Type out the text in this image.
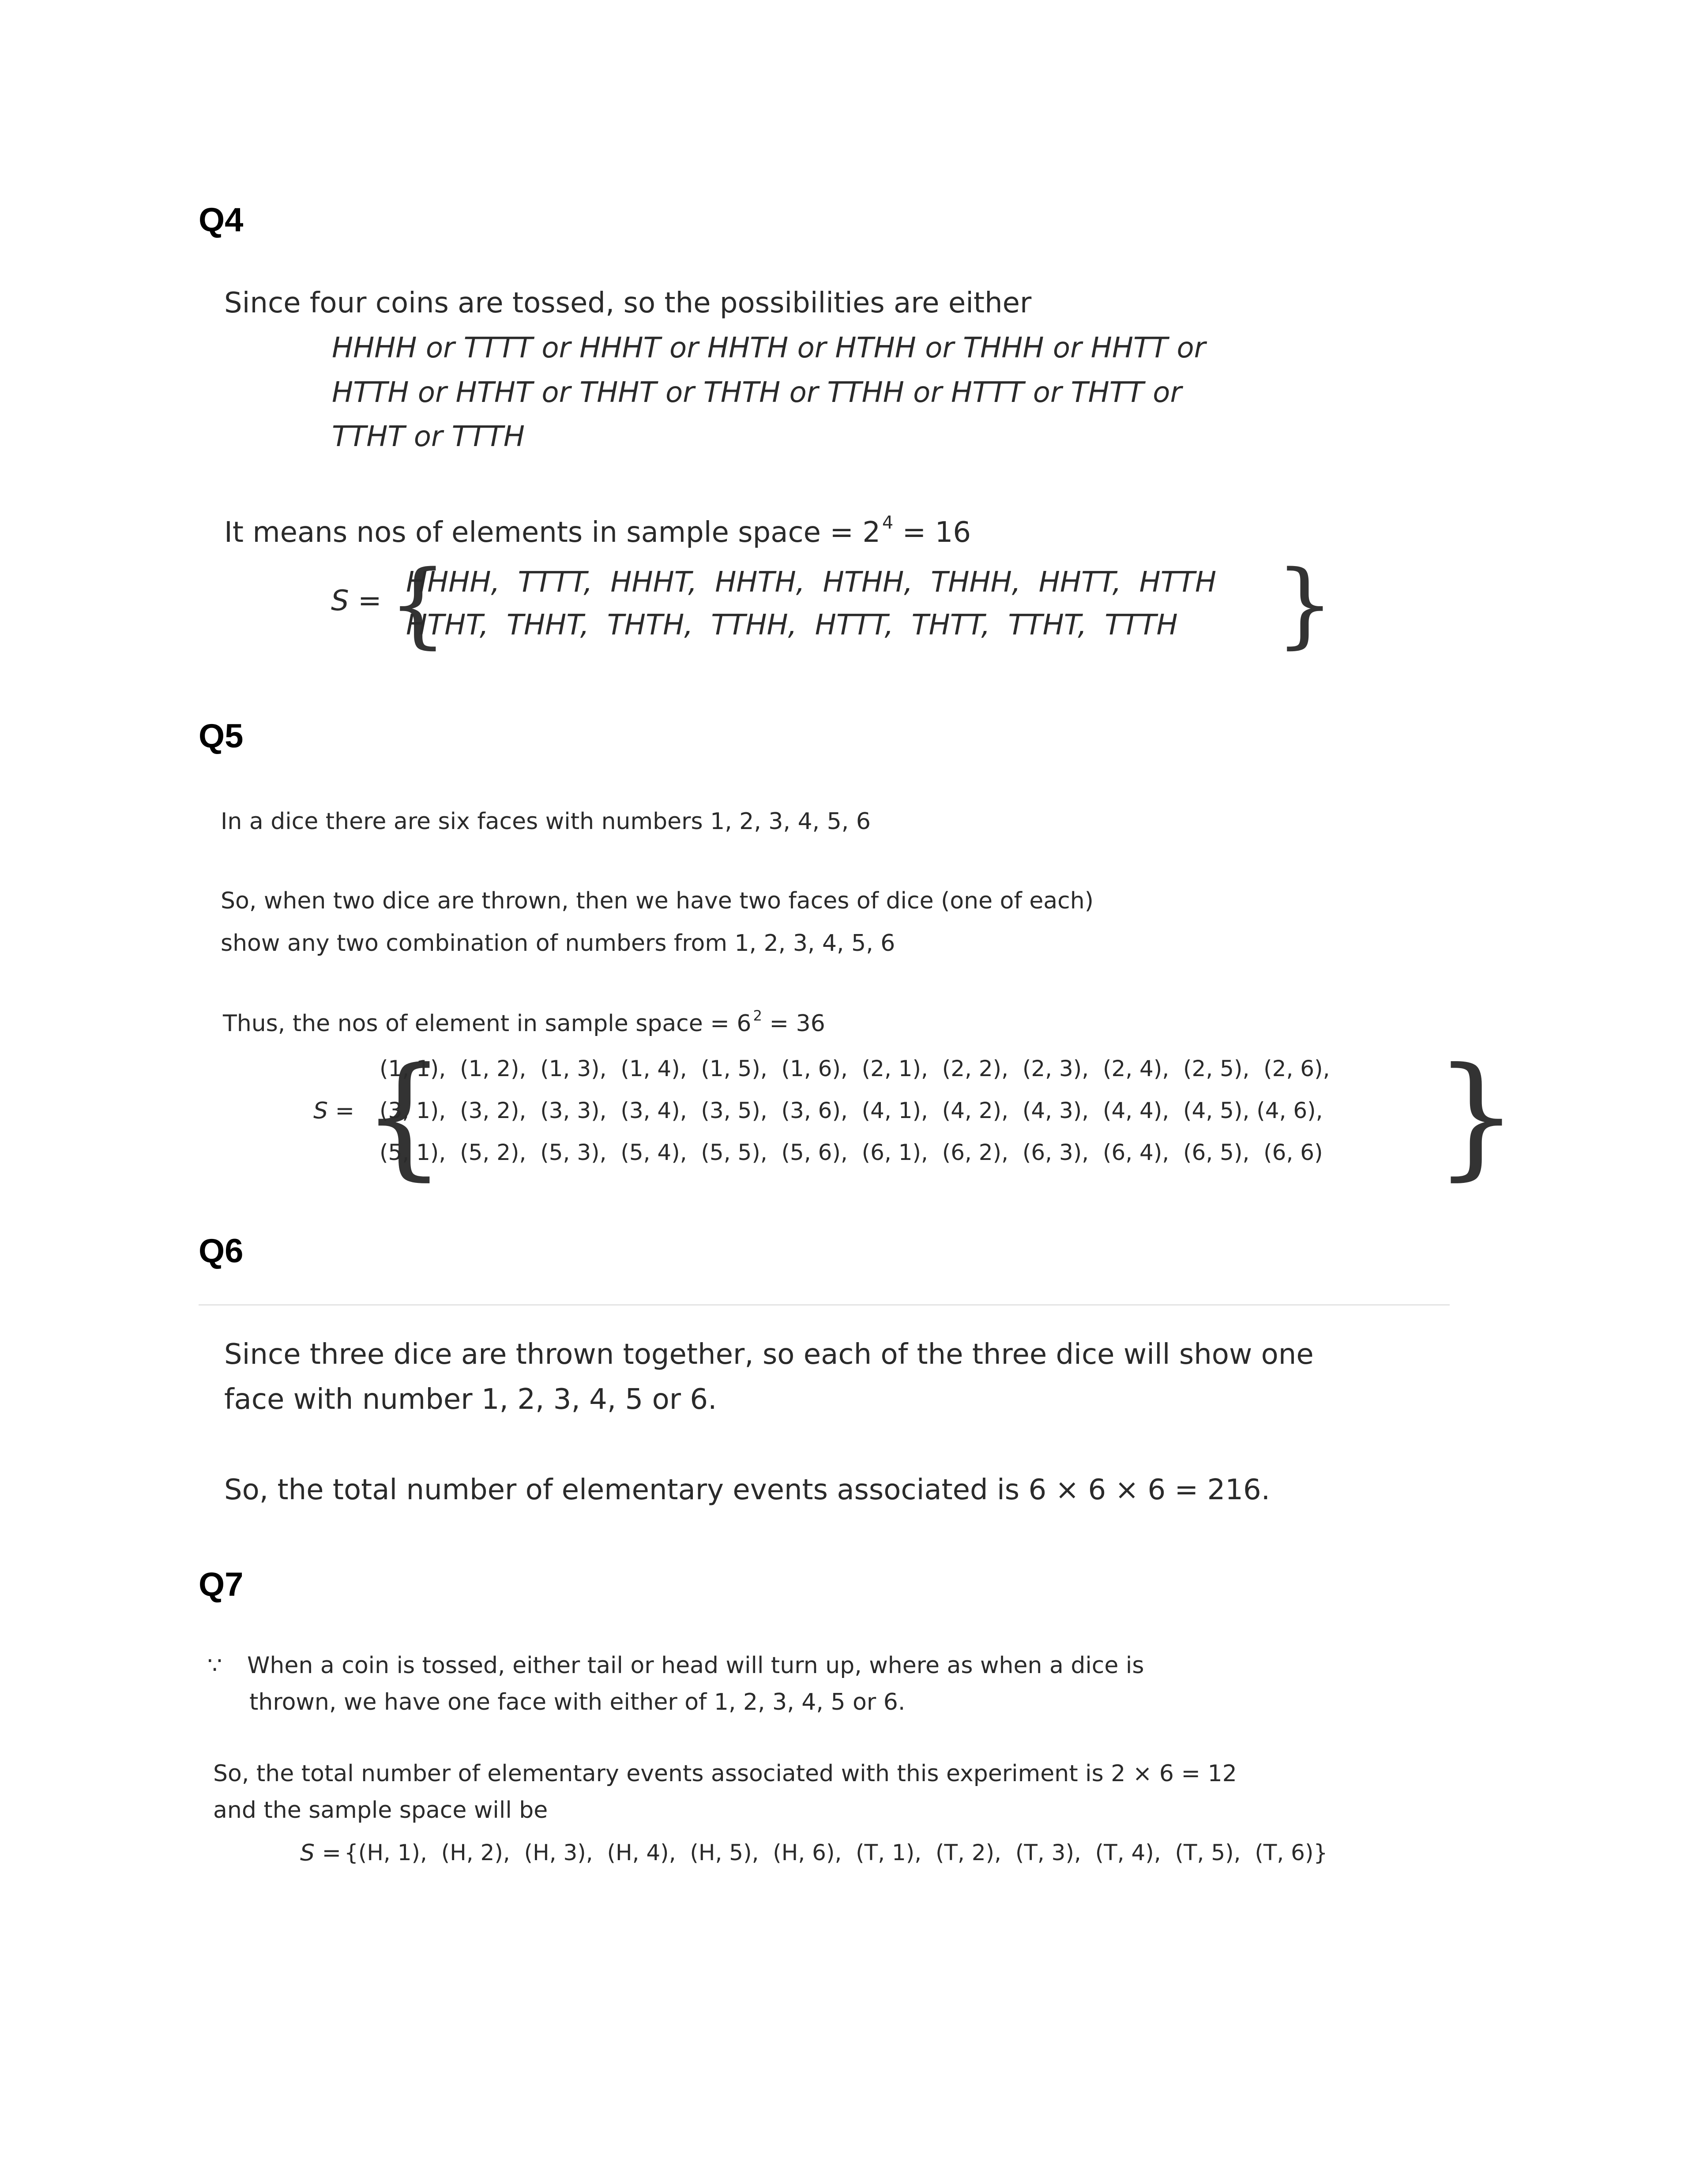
Q4
Since four coins are tossed, so the possibilities are either
HHHH or TTTT or HHHT or HHTH or HTHH or THHH or HHTT or
HTTH or HTHT or THHT or THTH or TTHH or HTTT or THTT or
TTHT or TTTH
It means nos of elements in sample space = 2 $^4$ = 16
S = {
HHHH,  TTTT,  HHHT,  HHTH,  HTHH,  THHH,  HHTT,  HTTH
HTHT,  THHT,  THTH,  TTHH,  HTTT,  THTT,  TTHT,  TTTH }
Q5
In a dice there are six faces with numbers 1, 2, 3, 4, 5, 6
So, when two dice are thrown, then we have two faces of dice (one of each)
show any two combination of numbers from 1, 2, 3, 4, 5, 6
Thus, the nos of element in sample space = 6 $^2$ = 36
S = {
(1, 1),  (1, 2),  (1, 3),  (1, 4),  (1, 5),  (1, 6),  (2, 1),  (2, 2),  (2, 3),  (2, 4),  (2, 5),  (2, 6),
(3, 1),  (3, 2),  (3, 3),  (3, 4),  (3, 5),  (3, 6),  (4, 1),  (4, 2),  (4, 3),  (4, 4),  (4, 5), (4, 6),
(5, 1),  (5, 2),  (5, 3),  (5, 4),  (5, 5),  (5, 6),  (6, 1),  (6, 2),  (6, 3),  (6, 4),  (6, 5),  (6, 6) }
Q6
Since three dice are thrown together, so each of the three dice will show one
face with number 1, 2, 3, 4, 5 or 6.
So, the total number of elementary events associated is 6 × 6 × 6 = 216.
Q7
∵ When a coin is tossed, either tail or head will turn up, where as when a dice is
thrown, we have one face with either of 1, 2, 3, 4, 5 or 6.
So, the total number of elementary events associated with this experiment is 2 × 6 = 12
and the sample space will be
S = {(H, 1),  (H, 2),  (H, 3),  (H, 4),  (H, 5),  (H, 6),  (T, 1),  (T, 2),  (T, 3),  (T, 4),  (T, 5),  (T, 6)}
